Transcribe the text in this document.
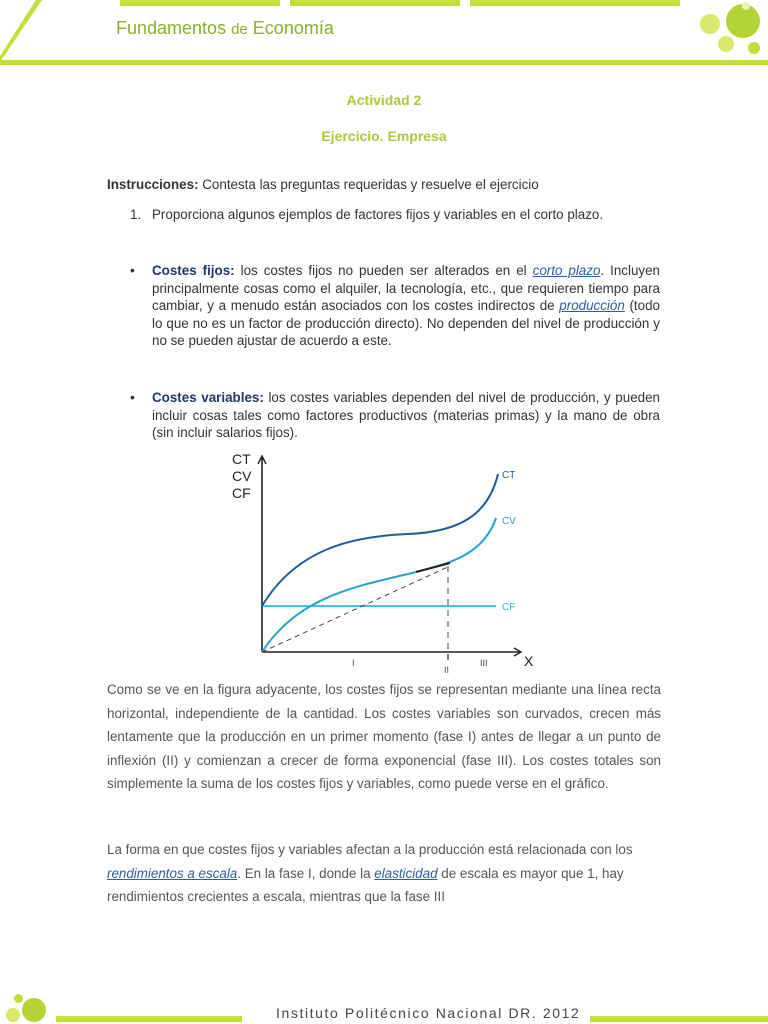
Fundamentos de Economía
Actividad 2
Ejercicio. Empresa
Instrucciones: Contesta las preguntas requeridas y resuelve el ejercicio
1. Proporciona algunos ejemplos de factores fijos y variables en el corto plazo.
• Costes fijos: los costes fijos no pueden ser alterados en el corto plazo. Incluyen principalmente cosas como el alquiler, la tecnología, etc., que requieren tiempo para cambiar, y a menudo están asociados con los costes indirectos de producción (todo lo que no es un factor de producción directo). No dependen del nivel de producción y no se pueden ajustar de acuerdo a este.
• Costes variables: los costes variables dependen del nivel de producción, y pueden incluir cosas tales como factores productivos (materias primas) y la mano de obra (sin incluir salarios fijos).
CT
CV
CF
X
CT
CV
CF
I
II
III
Como se ve en la figura adyacente, los costes fijos se representan mediante una línea recta horizontal, independiente de la cantidad. Los costes variables son curvados, crecen más lentamente que la producción en un primer momento (fase I) antes de llegar a un punto de inflexión (II) y comienzan a crecer de forma exponencial (fase III). Los costes totales son simplemente la suma de los costes fijos y variables, como puede verse en el gráfico.
La forma en que costes fijos y variables afectan a la producción está relacionada con los rendimientos a escala. En la fase I, donde la elasticidad de escala es mayor que 1, hay rendimientos crecientes a escala, mientras que la fase III
Instituto Politécnico Nacional DR. 2012
